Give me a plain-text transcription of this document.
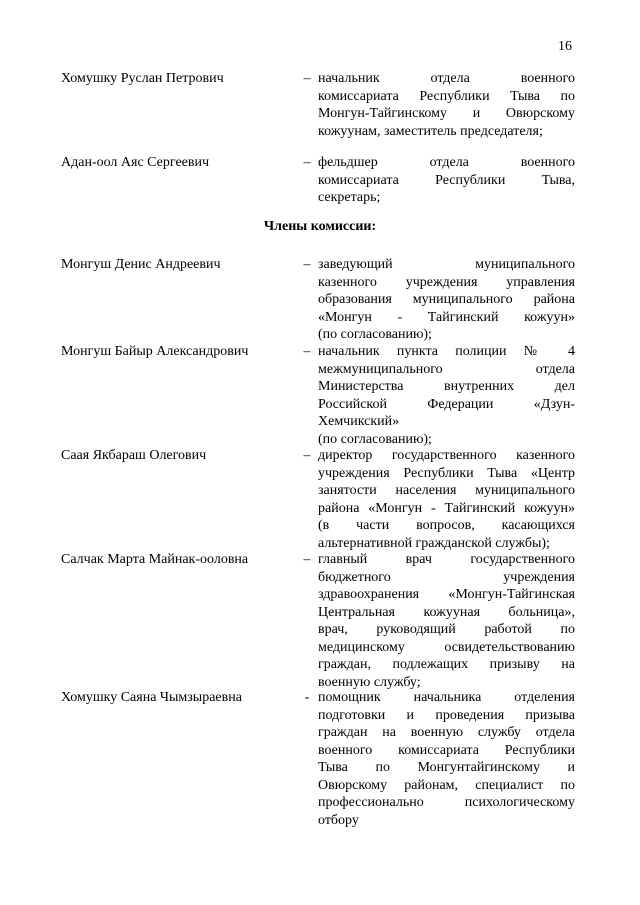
16
Хомушку Руслан Петрович	– начальник отдела военного
комиссариата Республики Тыва по
Монгун-Тайгинскому и Овюрскому
кожуунам, заместитель председателя;
Адан-оол Аяс Сергеевич	– фельдшер отдела военного
комиссариата Республики Тыва,
секретарь;
Члены комиссии:
Монгуш Денис Андреевич	– заведующий муниципального
казенного учреждения управления
образования муниципального района
«Монгун - Тайгинский кожуун»
(по согласованию);
Монгуш Байыр Александрович	– начальник пункта полиции № 4
межмуниципального отдела
Министерства внутренних дел
Российской Федерации «Дзун-
Хемчикский»
(по согласованию);
Саая Якбараш Олегович	– директор государственного казенного
учреждения Республики Тыва «Центр
занятости населения муниципального
района «Монгун - Тайгинский кожуун»
(в части вопросов, касающихся
альтернативной гражданской службы);
Салчак Марта Майнак-ооловна	– главный врач государственного
бюджетного учреждения
здравоохранения «Монгун-Тайгинская
Центральная кожууная больница»,
врач, руководящий работой по
медицинскому освидетельствованию
граждан, подлежащих призыву на
военную службу;
Хомушку Саяна Чымзыраевна	- помощник начальника отделения
подготовки и проведения призыва
граждан на военную службу отдела
военного комиссариата Республики
Тыва по Монгунтайгинскому и
Овюрскому районам, специалист по
профессионально психологическому
отбору
